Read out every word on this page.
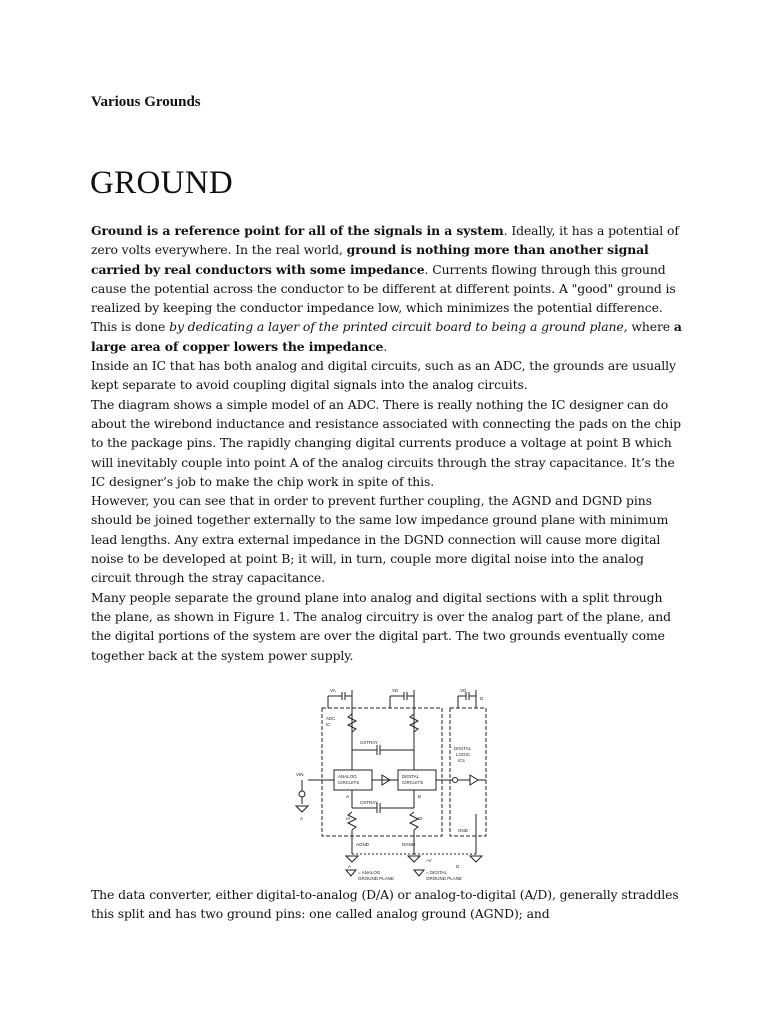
Various Grounds
GROUND

Ground is a reference point for all of the signals in a system. Ideally, it has a potential of zero volts everywhere. In the real world, ground is nothing more than another signal carried by real conductors with some impedance. Currents flowing through this ground cause the potential across the conductor to be different at different points. A "good" ground is realized by keeping the conductor impedance low, which minimizes the potential difference. This is done by dedicating a layer of the printed circuit board to being a ground plane, where a large area of copper lowers the impedance.

Inside an IC that has both analog and digital circuits, such as an ADC, the grounds are usually kept separate to avoid coupling digital signals into the analog circuits.

The diagram shows a simple model of an ADC. There is really nothing the IC designer can do about the wirebond inductance and resistance associated with connecting the pads on the chip to the package pins. The rapidly changing digital currents produce a voltage at point B which will inevitably couple into point A of the analog circuits through the stray capacitance. It’s the IC designer’s job to make the chip work in spite of this.

However, you can see that in order to prevent further coupling, the AGND and DGND pins should be joined together externally to the same low impedance ground plane with minimum lead lengths. Any extra external impedance in the DGND connection will cause more digital noise to be developed at point B; it will, in turn, couple more digital noise into the analog circuit through the stray capacitance.

Many people separate the ground plane into analog and digital sections with a split through the plane, as shown in Figure 1. The analog circuitry is over the analog part of the plane, and the digital portions of the system are over the digital part. The two grounds eventually come together back at the system power supply.

VA	VD	VD
ADC
IC
CSTRAY
ANALOG
CIRCUITS
DIGITAL
CIRCUITS
DIGITAL
LOGIC
ICs
VIN
A
A	B
CSTRAY
IA	ID
AGND	DGND
GND
A	D
D
~V
= ANALOG
GROUND PLANE
= DIGITAL
GROUND PLANE

The data converter, either digital-to-analog (D/A) or analog-to-digital (A/D), generally straddles this split and has two ground pins: one called analog ground (AGND); and
